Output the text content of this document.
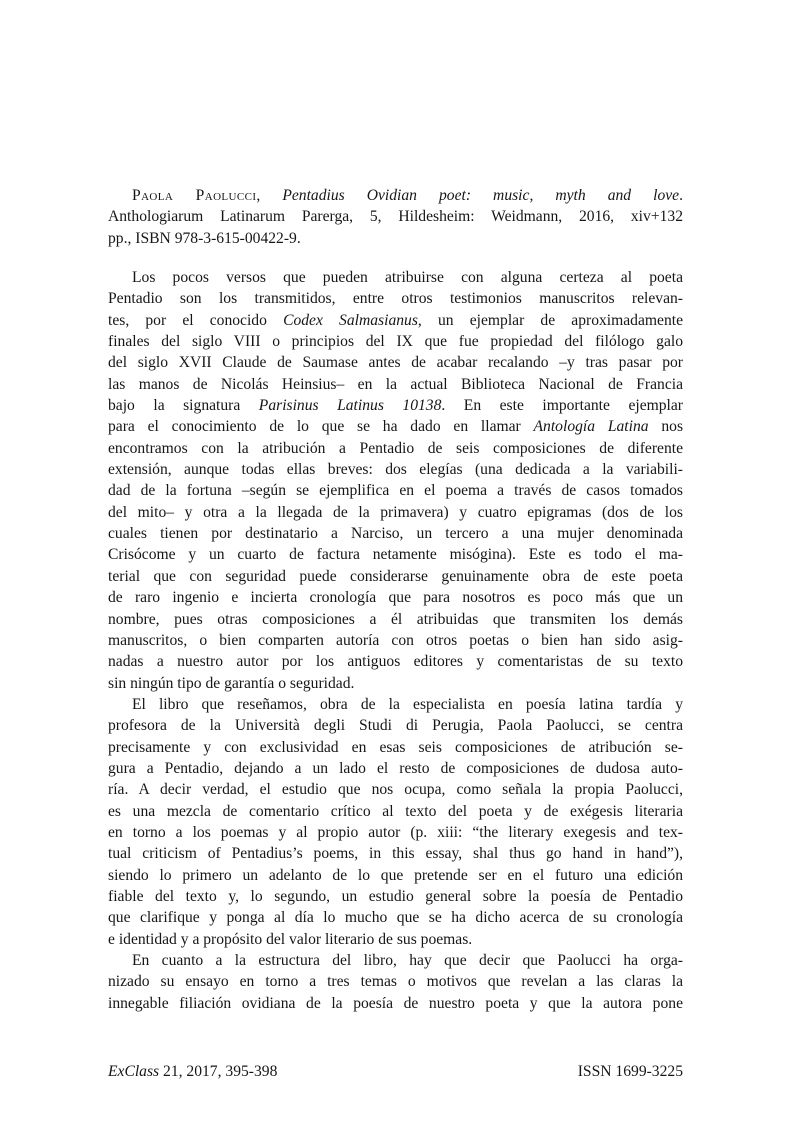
Paola Paolucci, Pentadius Ovidian poet: music, myth and love.
Anthologiarum Latinarum Parerga, 5, Hildesheim: Weidmann, 2016, xiv+132
pp., ISBN 978-3-615-00422-9.
Los pocos versos que pueden atribuirse con alguna certeza al poeta
Pentadio son los transmitidos, entre otros testimonios manuscritos relevan-
tes, por el conocido Codex Salmasianus, un ejemplar de aproximadamente
finales del siglo VIII o principios del IX que fue propiedad del filólogo galo
del siglo XVII Claude de Saumase antes de acabar recalando –y tras pasar por
las manos de Nicolás Heinsius– en la actual Biblioteca Nacional de Francia
bajo la signatura Parisinus Latinus 10138. En este importante ejemplar
para el conocimiento de lo que se ha dado en llamar Antología Latina nos
encontramos con la atribución a Pentadio de seis composiciones de diferente
extensión, aunque todas ellas breves: dos elegías (una dedicada a la variabili-
dad de la fortuna –según se ejemplifica en el poema a través de casos tomados
del mito– y otra a la llegada de la primavera) y cuatro epigramas (dos de los
cuales tienen por destinatario a Narciso, un tercero a una mujer denominada
Crisócome y un cuarto de factura netamente misógina). Este es todo el ma-
terial que con seguridad puede considerarse genuinamente obra de este poeta
de raro ingenio e incierta cronología que para nosotros es poco más que un
nombre, pues otras composiciones a él atribuidas que transmiten los demás
manuscritos, o bien comparten autoría con otros poetas o bien han sido asig-
nadas a nuestro autor por los antiguos editores y comentaristas de su texto
sin ningún tipo de garantía o seguridad.
El libro que reseñamos, obra de la especialista en poesía latina tardía y
profesora de la Università degli Studi di Perugia, Paola Paolucci, se centra
precisamente y con exclusividad en esas seis composiciones de atribución se-
gura a Pentadio, dejando a un lado el resto de composiciones de dudosa auto-
ría. A decir verdad, el estudio que nos ocupa, como señala la propia Paolucci,
es una mezcla de comentario crítico al texto del poeta y de exégesis literaria
en torno a los poemas y al propio autor (p. xiii: “the literary exegesis and tex-
tual criticism of Pentadius’s poems, in this essay, shal thus go hand in hand”),
siendo lo primero un adelanto de lo que pretende ser en el futuro una edición
fiable del texto y, lo segundo, un estudio general sobre la poesía de Pentadio
que clarifique y ponga al día lo mucho que se ha dicho acerca de su cronología
e identidad y a propósito del valor literario de sus poemas.
En cuanto a la estructura del libro, hay que decir que Paolucci ha orga-
nizado su ensayo en torno a tres temas o motivos que revelan a las claras la
innegable filiación ovidiana de la poesía de nuestro poeta y que la autora pone
ExClass 21, 2017, 395-398	ISSN 1699-3225
